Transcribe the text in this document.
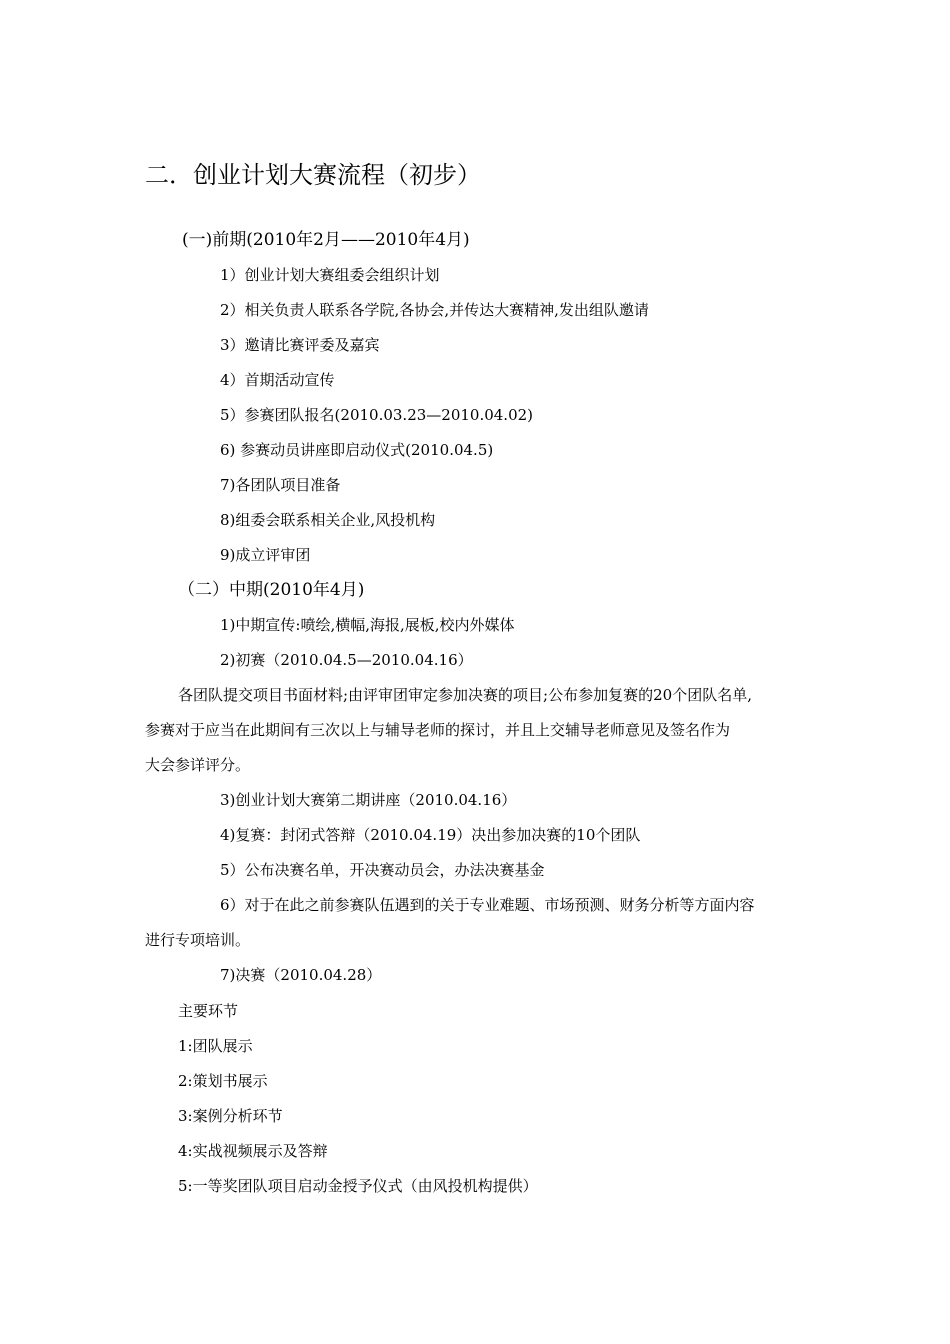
二．创业计划大赛流程（初步）
(一)前期(2010年2月——2010年4月)
1）创业计划大赛组委会组织计划
2）相关负责人联系各学院,各协会,并传达大赛精神,发出组队邀请
3）邀请比赛评委及嘉宾
4）首期活动宣传
5）参赛团队报名(2010.03.23—2010.04.02)
6) 参赛动员讲座即启动仪式(2010.04.5)
7)各团队项目准备
8)组委会联系相关企业,风投机构
9)成立评审团
（二）中期(2010年4月)
1)中期宣传:喷绘,横幅,海报,展板,校内外媒体
2)初赛（2010.04.5—2010.04.16）
各团队提交项目书面材料;由评审团审定参加决赛的项目;公布参加复赛的20个团队名单,
参赛对于应当在此期间有三次以上与辅导老师的探讨，并且上交辅导老师意见及签名作为
大会参详评分。
3)创业计划大赛第二期讲座（2010.04.16）
4)复赛：封闭式答辩（2010.04.19）决出参加决赛的10个团队
5）公布决赛名单，开决赛动员会，办法决赛基金
6）对于在此之前参赛队伍遇到的关于专业难题、市场预测、财务分析等方面内容
进行专项培训。
7)决赛（2010.04.28）
主要环节
1:团队展示
2:策划书展示
3:案例分析环节
4:实战视频展示及答辩
5:一等奖团队项目启动金授予仪式（由风投机构提供）
